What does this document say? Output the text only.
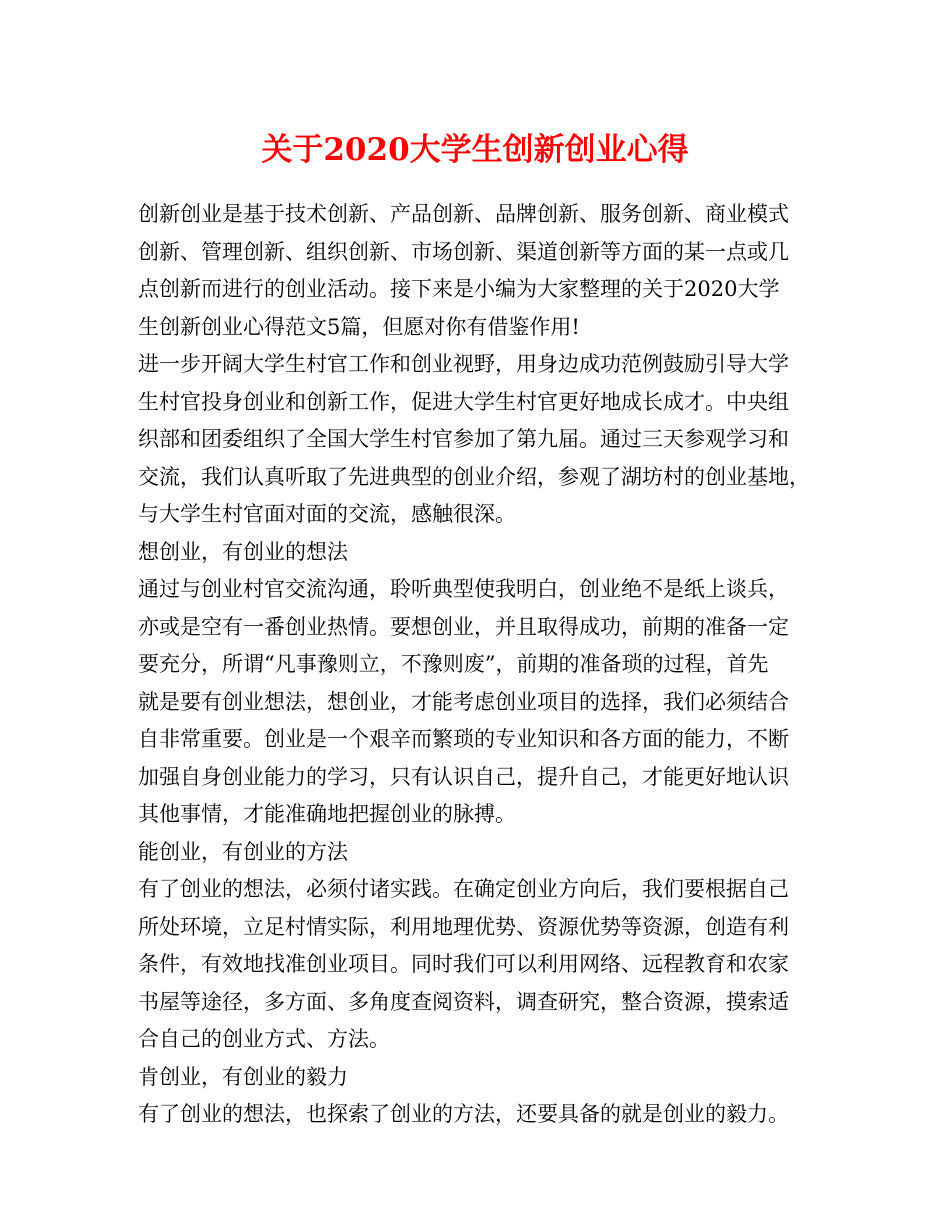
关于2020大学生创新创业心得

创新创业是基于技术创新、产品创新、品牌创新、服务创新、商业模式

创新、管理创新、组织创新、市场创新、渠道创新等方面的某一点或几

点创新而进行的创业活动。接下来是小编为大家整理的关于2020大学

生创新创业心得范文5篇，但愿对你有借鉴作用!

进一步开阔大学生村官工作和创业视野，用身边成功范例鼓励引导大学

生村官投身创业和创新工作，促进大学生村官更好地成长成才。中央组

织部和团委组织了全国大学生村官参加了第九届。通过三天参观学习和

交流，我们认真听取了先进典型的创业介绍，参观了湖坊村的创业基地，

与大学生村官面对面的交流，感触很深。

想创业，有创业的想法

通过与创业村官交流沟通，聆听典型使我明白，创业绝不是纸上谈兵，

亦或是空有一番创业热情。要想创业，并且取得成功，前期的准备一定

要充分，所谓“凡事豫则立，不豫则废”，前期的准备琐的过程，首先

就是要有创业想法，想创业，才能考虑创业项目的选择，我们必须结合

自非常重要。创业是一个艰辛而繁琐的专业知识和各方面的能力，不断

加强自身创业能力的学习，只有认识自己，提升自己，才能更好地认识

其他事情，才能准确地把握创业的脉搏。

能创业，有创业的方法

有了创业的想法，必须付诸实践。在确定创业方向后，我们要根据自己

所处环境，立足村情实际，利用地理优势、资源优势等资源，创造有利

条件，有效地找准创业项目。同时我们可以利用网络、远程教育和农家

书屋等途径，多方面、多角度查阅资料，调查研究，整合资源，摸索适

合自己的创业方式、方法。

肯创业，有创业的毅力

有了创业的想法，也探索了创业的方法，还要具备的就是创业的毅力。
